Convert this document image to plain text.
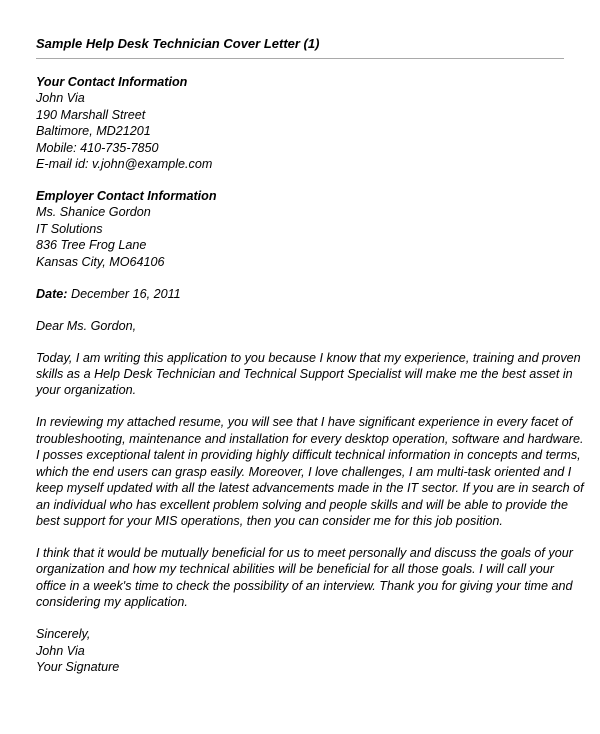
Sample Help Desk Technician Cover Letter (1)
Your Contact Information
John Via
190 Marshall Street
Baltimore, MD21201
Mobile: 410-735-7850
E-mail id: v.john@example.com
Employer Contact Information
Ms. Shanice Gordon
IT Solutions
836 Tree Frog Lane
Kansas City, MO64106
Date: December 16, 2011
Dear Ms. Gordon,
Today, I am writing this application to you because I know that my experience, training and proven
skills as a Help Desk Technician and Technical Support Specialist will make me the best asset in
your organization.
In reviewing my attached resume, you will see that I have significant experience in every facet of
troubleshooting, maintenance and installation for every desktop operation, software and hardware.
I posses exceptional talent in providing highly difficult technical information in concepts and terms,
which the end users can grasp easily. Moreover, I love challenges, I am multi-task oriented and I
keep myself updated with all the latest advancements made in the IT sector. If you are in search of
an individual who has excellent problem solving and people skills and will be able to provide the
best support for your MIS operations, then you can consider me for this job position.
I think that it would be mutually beneficial for us to meet personally and discuss the goals of your
organization and how my technical abilities will be beneficial for all those goals. I will call your
office in a week's time to check the possibility of an interview. Thank you for giving your time and
considering my application.
Sincerely,
John Via
Your Signature
